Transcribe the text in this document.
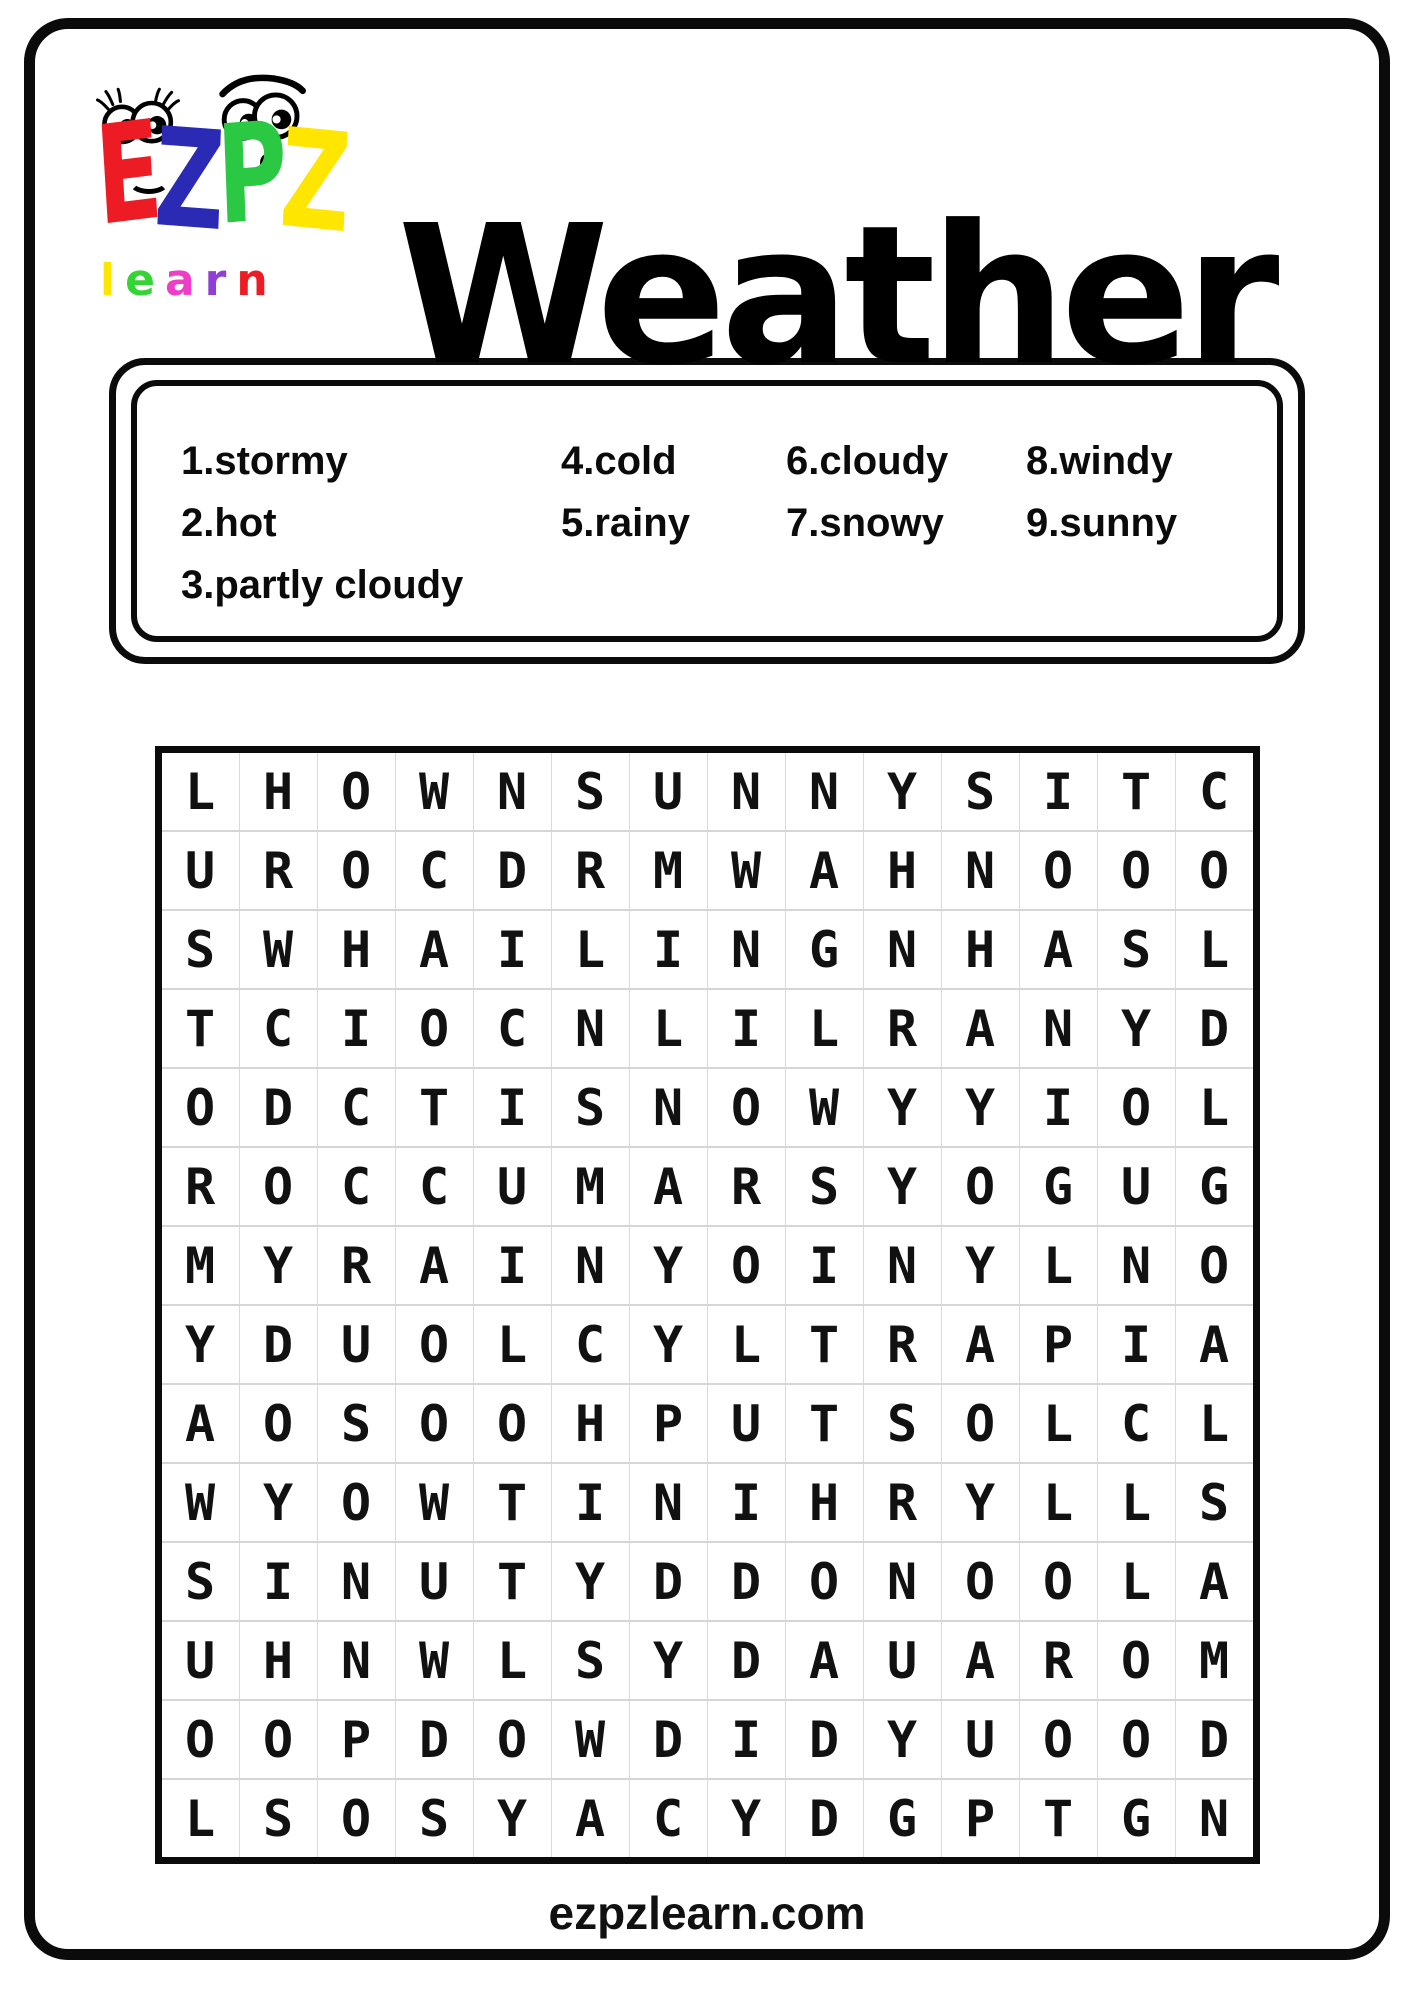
EZPZ
learn Weather
1.stormy
2.hot
3.partly cloudy
4.cold
5.rainy
6.cloudy
7.snowy
8.windy
9.sunny
L H O W N S U N N Y S I T C
U R O C D R M W A H N O O O
S W H A I L I N G N H A S L
T C I O C N L I L R A N Y D
O D C T I S N O W Y Y I O L
R O C C U M A R S Y O G U G
M Y R A I N Y O I N Y L N O
Y D U O L C Y L T R A P I A
A O S O O H P U T S O L C L
W Y O W T I N I H R Y L L S
S I N U T Y D D O N O O L A
U H N W L S Y D A U A R O M
O O P D O W D I D Y U O O D
L S O S Y A C Y D G P T G N
ezpzlearn.com
